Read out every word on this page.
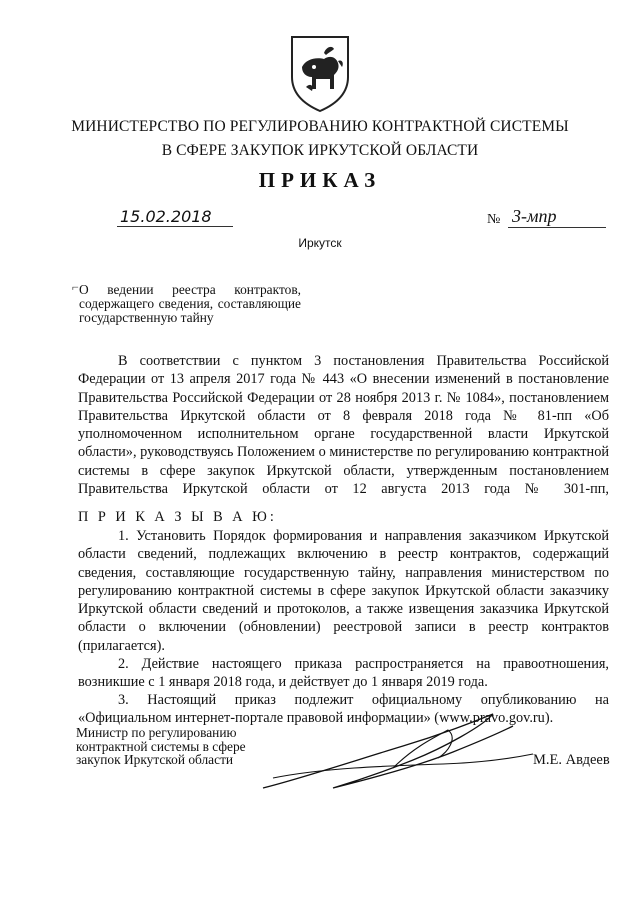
МИНИСТЕРСТВО ПО РЕГУЛИРОВАНИЮ КОНТРАКТНОЙ СИСТЕМЫ
В СФЕРЕ ЗАКУПОК ИРКУТСКОЙ ОБЛАСТИ
ПРИКАЗ
15.02.2018	№ 3-мпр
Иркутск
⌐ О ведении реестра контрактов, содержащего сведения, составляющие государственную тайну
В соответствии с пунктом 3 постановления Правительства Российской Федерации от 13 апреля 2017 года № 443 «О внесении изменений в постановление Правительства Российской Федерации от 28 ноября 2013 г. № 1084», постановлением Правительства Иркутской области от 8 февраля 2018 года № 81-пп «Об уполномоченном исполнительном органе государственной власти Иркутской области», руководствуясь Положением о министерстве по регулированию контрактной системы в сфере закупок Иркутской области, утвержденным постановлением Правительства Иркутской области от 12 августа 2013 года № 301-пп,
П Р И К А З Ы В А Ю:
1. Установить Порядок формирования и направления заказчиком Иркутской области сведений, подлежащих включению в реестр контрактов, содержащий сведения, составляющие государственную тайну, направления министерством по регулированию контрактной системы в сфере закупок Иркутской области заказчику Иркутской области сведений и протоколов, а также извещения заказчика Иркутской области о включении (обновлении) реестровой записи в реестр контрактов (прилагается).
2. Действие настоящего приказа распространяется на правоотношения, возникшие с 1 января 2018 года, и действует до 1 января 2019 года.
3. Настоящий приказ подлежит официальному опубликованию на «Официальном интернет-портале правовой информации» (www.pravo.gov.ru).
Министр по регулированию
контрактной системы в сфере
закупок Иркутской области	М.Е. Авдеев
